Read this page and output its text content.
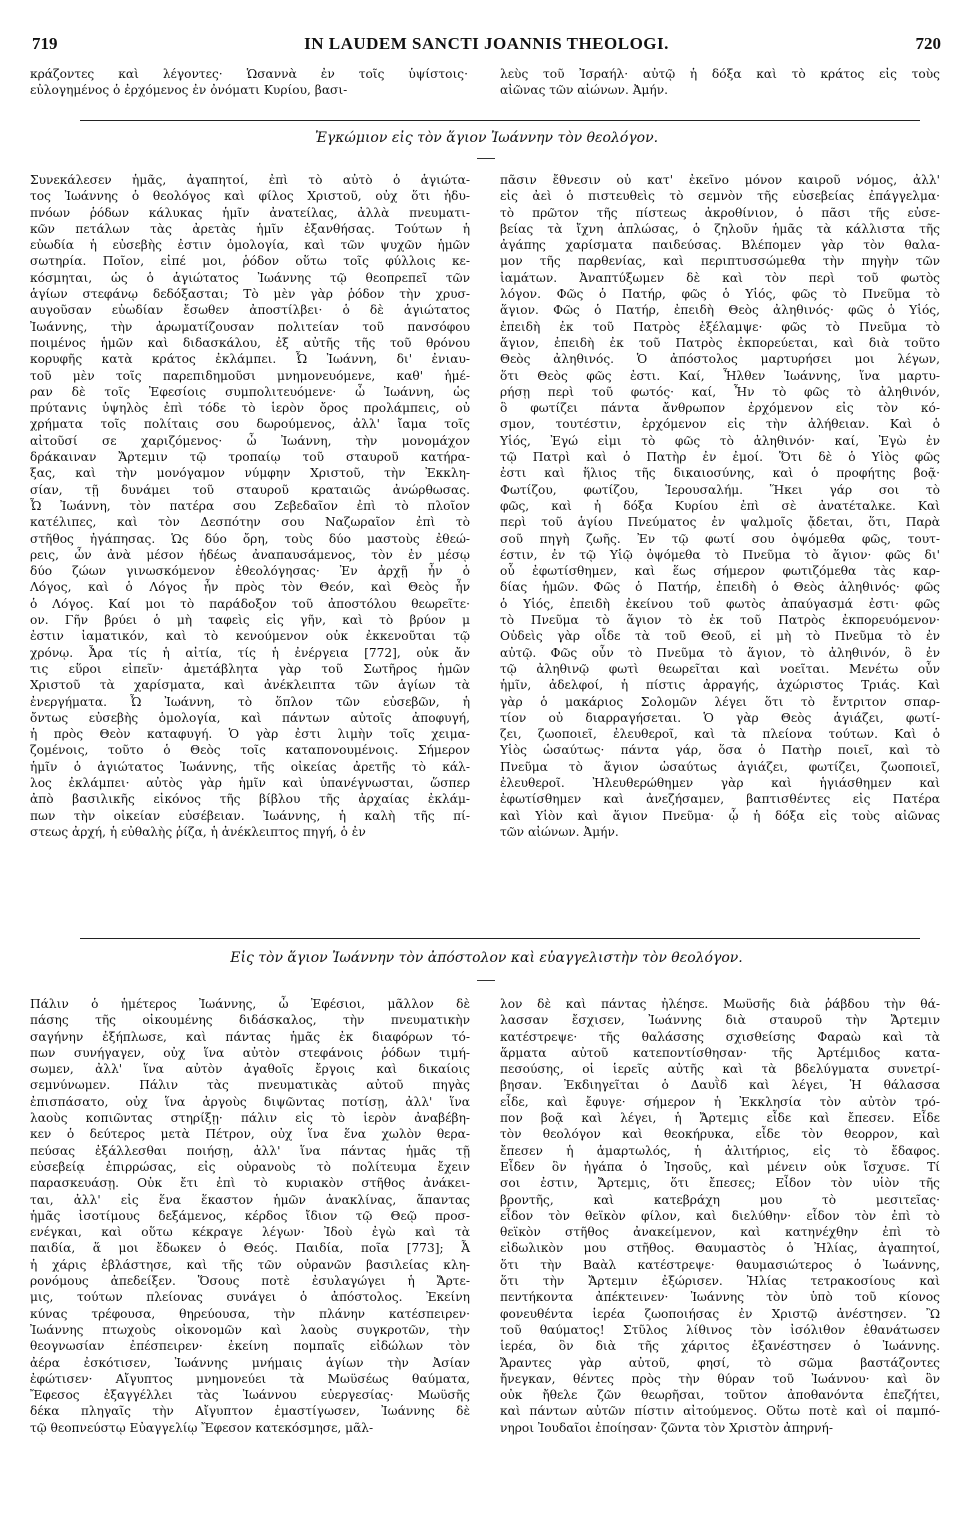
719	IN LAUDEM SANCTI JOANNIS THEOLOGI.	720

κράζοντες καὶ λέγοντες· Ὡσαννὰ ἐν τοῖς ὑψίστοις·

εὐλογημένος ὁ ἐρχόμενος ἐν ὀνόματι Κυρίου, βασι-

λεὺς τοῦ Ἰσραήλ· αὐτῷ ἡ δόξα καὶ τὸ κράτος εἰς τοὺς

αἰῶνας τῶν αἰώνων. Ἀμήν.

Ἐγκώμιον εἰς τὸν ἅγιον Ἰωάννην τὸν θεολόγον.

Συνεκάλεσεν ἡμᾶς, ἀγαπητοί, ἐπὶ τὸ αὐτὸ ὁ ἁγιώτα-

τος Ἰωάννης ὁ θεολόγος καὶ φίλος Χριστοῦ, οὐχ ὅτι ἡδυ-

πνόων ῥόδων κάλυκας ἡμῖν ἀνατείλας, ἀλλὰ πνευματι-

κῶν πετάλων τὰς ἀρετὰς ἡμῖν ἐξανθήσας. Τούτων ἡ

εὐωδία ἡ εὐσεβὴς ἐστιν ὁμολογία, καὶ τῶν ψυχῶν ἡμῶν

σωτηρία. Ποῖον, εἰπέ μοι, ῥόδον οὕτω τοῖς φύλλοις κε-

κόσμηται, ὡς ὁ ἁγιώτατος Ἰωάννης τῷ θεοπρεπεῖ τῶν

ἁγίων στεφάνῳ δεδόξασται; Τὸ μὲν γὰρ ῥόδον τὴν χρυσ-

αυγοῦσαν εὐωδίαν ἔσωθεν ἀποστίλβει· ὁ δὲ ἁγιώτατος

Ἰωάννης, τὴν ἀρωματίζουσαν πολιτείαν τοῦ πανσόφου

ποιμένος ἡμῶν καὶ διδασκάλου, ἐξ αὐτῆς τῆς τοῦ θρόνου

κορυφῆς κατὰ κράτος ἐκλάμπει. Ὦ Ἰωάννη, δι' ἐνιαυ-

τοῦ μὲν τοῖς παρεπιδημοῦσι μνημονευόμενε, καθ' ἡμέ-

ραν δὲ τοῖς Ἐφεσίοις συμπολιτευόμενε· ὦ Ἰωάννη, ὡς

πρύτανις ὑψηλὸς ἐπὶ τόδε τὸ ἱερὸν ὄρος προλάμπεις, οὐ

χρήματα τοῖς πολίταις σου δωρούμενος, ἀλλ' ἴαμα τοῖς

αἰτοῦσί σε χαριζόμενος· ὦ Ἰωάννη, τὴν μονομάχον

δράκαιναν Ἄρτεμιν τῷ τροπαίῳ τοῦ σταυροῦ κατήρα-

ξας, καὶ τὴν μονόγαμον νύμφην Χριστοῦ, τὴν Ἐκκλη-

σίαν, τῇ δυνάμει τοῦ σταυροῦ κραταιῶς ἀνώρθωσας.

Ὦ Ἰωάννη, τὸν πατέρα σου Ζεβεδαῖον ἐπὶ τὸ πλοῖον

κατέλιπες, καὶ τὸν Δεσπότην σου Ναζωραῖον ἐπὶ τὸ

στῆθος ἠγάπησας. Ὡς δύο ὄρη, τοὺς δύο μαστοὺς ἐθεώ-

ρεις, ὧν ἀνὰ μέσον ἡδέως ἀναπαυσάμενος, τὸν ἐν μέσῳ

δύο ζώων γινωσκόμενον ἐθεολόγησας· Ἐν ἀρχῇ ἦν ὁ

Λόγος, καὶ ὁ Λόγος ἦν πρὸς τὸν Θεόν, καὶ Θεὸς ἦν

ὁ Λόγος. Καί μοι τὸ παράδοξον τοῦ ἀποστόλου θεωρεῖτε·

ον. Γῆν βρύει ὁ μὴ ταφεὶς εἰς γῆν, καὶ τὸ βρύον μ

ἐστιν ἰαματικόν, καὶ τὸ κενούμενον οὐκ ἐκκενοῦται τῷ

χρόνῳ. Ἆρα τίς ἡ αἰτία, τίς ἡ ἐνέργεια [772], οὐκ ἄν

τις εὕροι εἰπεῖν· ἀμετάβλητα γὰρ τοῦ Σωτῆρος ἡμῶν

Χριστοῦ τὰ χαρίσματα, καὶ ἀνέκλειπτα τῶν ἁγίων τὰ

ἐνεργήματα. Ὦ Ἰωάννη, τὸ ὅπλον τῶν εὐσεβῶν, ἡ

ὄντως εὐσεβὴς ὁμολογία, καὶ πάντων αὐτοῖς ἀποφυγή,

ἡ πρὸς Θεὸν καταφυγή. Ὁ γὰρ ἐστι λιμὴν τοῖς χειμα-

ζομένοις, τοῦτο ὁ Θεὸς τοῖς καταπονουμένοις. Σήμερον

ἡμῖν ὁ ἁγιώτατος Ἰωάννης, τῆς οἰκείας ἀρετῆς τὸ κάλ-

λος ἐκλάμπει· αὐτὸς γὰρ ἡμῖν καὶ ὑπανέγνωσται, ὥσπερ

ἀπὸ βασιλικῆς εἰκόνος τῆς βίβλου τῆς ἀρχαίας ἐκλάμ-

πων τὴν οἰκείαν εὐσέβειαν. Ἰωάννης, ἡ καλὴ τῆς πί-

στεως ἀρχή, ἡ εὐθαλὴς ῥίζα, ἡ ἀνέκλειπτος πηγή, ὁ ἐν

πᾶσιν ἔθνεσιν οὐ κατ' ἐκεῖνο μόνον καιροῦ νόμος, ἀλλ'

εἰς ἀεὶ ὁ πιστευθεὶς τὸ σεμνὸν τῆς εὐσεβείας ἐπάγγελμα·

τὸ πρῶτον τῆς πίστεως ἀκροθίνιον, ὁ πᾶσι τῆς εὐσε-

βείας τὰ ἴχνη ἁπλώσας, ὁ ζηλοῦν ἡμᾶς τὰ κάλλιστα τῆς

ἀγάπης χαρίσματα παιδεύσας. Βλέπομεν γὰρ τὸν θαλα-

μον τῆς παρθενίας, καὶ περιπτυσσώμεθα τὴν πηγὴν τῶν

ἰαμάτων. Ἀναπτύξωμεν δὲ καὶ τὸν περὶ τοῦ φωτὸς

λόγον. Φῶς ὁ Πατήρ, φῶς ὁ Υἱός, φῶς τὸ Πνεῦμα τὸ

ἅγιον. Φῶς ὁ Πατήρ, ἐπειδὴ Θεὸς ἀληθινός· φῶς ὁ Υἱός,

ἐπειδὴ ἐκ τοῦ Πατρὸς ἐξέλαμψε· φῶς τὸ Πνεῦμα τὸ

ἅγιον, ἐπειδὴ ἐκ τοῦ Πατρὸς ἐκπορεύεται, καὶ διὰ τοῦτο

Θεὸς ἀληθινός. Ὁ ἀπόστολος μαρτυρήσει μοι λέγων,

ὅτι Θεὸς φῶς ἐστι. Καί, Ἦλθεν Ἰωάννης, ἵνα μαρτυ-

ρήσῃ περὶ τοῦ φωτός· καί, Ἦν τὸ φῶς τὸ ἀληθινόν,

ὃ φωτίζει πάντα ἄνθρωπον ἐρχόμενον εἰς τὸν κό-

σμον, τουτέστιν, ἐρχόμενον εἰς τὴν ἀλήθειαν. Καὶ ὁ

Υἱός, Ἐγώ εἰμι τὸ φῶς τὸ ἀληθινόν· καί, Ἐγὼ ἐν

τῷ Πατρὶ καὶ ὁ Πατὴρ ἐν ἐμοί. Ὅτι δὲ ὁ Υἱὸς φῶς

ἐστι καὶ ἥλιος τῆς δικαιοσύνης, καὶ ὁ προφήτης βοᾷ·

Φωτίζου, φωτίζου, Ἱερουσαλήμ. Ἥκει γάρ σοι τὸ

φῶς, καὶ ἡ δόξα Κυρίου ἐπὶ σὲ ἀνατέταλκε. Καὶ

περὶ τοῦ ἁγίου Πνεύματος ἐν ψαλμοῖς ᾄδεται, ὅτι, Παρὰ

σοῦ πηγὴ ζωῆς. Ἐν τῷ φωτί σου ὀψόμεθα φῶς, τουτ-

έστιν, ἐν τῷ Υἱῷ ὀψόμεθα τὸ Πνεῦμα τὸ ἅγιον· φῶς δι'

οὗ ἐφωτίσθημεν, καὶ ἕως σήμερον φωτιζόμεθα τὰς καρ-

δίας ἡμῶν. Φῶς ὁ Πατήρ, ἐπειδὴ ὁ Θεὸς ἀληθινός· φῶς

ὁ Υἱός, ἐπειδὴ ἐκείνου τοῦ φωτὸς ἀπαύγασμά ἐστι· φῶς

τὸ Πνεῦμα τὸ ἅγιον τὸ ἐκ τοῦ Πατρὸς ἐκπορευόμενον·

Οὐδεὶς γὰρ οἶδε τὰ τοῦ Θεοῦ, εἰ μὴ τὸ Πνεῦμα τὸ ἐν

αὐτῷ. Φῶς οὖν τὸ Πνεῦμα τὸ ἅγιον, τὸ ἀληθινόν, ὃ ἐν

τῷ ἀληθινῷ φωτὶ θεωρεῖται καὶ νοεῖται. Μενέτω οὖν

ἡμῖν, ἀδελφοί, ἡ πίστις ἀρραγής, ἀχώριστος Τριάς. Καὶ

γὰρ ὁ μακάριος Σολομῶν λέγει ὅτι τὸ ἔντριτον σπαρ-

τίον οὐ διαρραγήσεται. Ὁ γὰρ Θεὸς ἁγιάζει, φωτί-

ζει, ζωοποιεῖ, ἐλευθεροῖ, καὶ τὰ πλείονα τούτων. Καὶ ὁ

Υἱὸς ὡσαύτως· πάντα γάρ, ὅσα ὁ Πατὴρ ποιεῖ, καὶ τὸ

Πνεῦμα τὸ ἅγιον ὡσαύτως ἁγιάζει, φωτίζει, ζωοποιεῖ,

ἐλευθεροῖ. Ἠλευθερώθημεν γὰρ καὶ ἡγιάσθημεν καὶ

ἐφωτίσθημεν καὶ ἀνεζήσαμεν, βαπτισθέντες εἰς Πατέρα

καὶ Υἱὸν καὶ ἅγιον Πνεῦμα· ᾧ ἡ δόξα εἰς τοὺς αἰῶνας

τῶν αἰώνων. Ἀμήν.

Εἰς τὸν ἅγιον Ἰωάννην τὸν ἀπόστολον καὶ εὐαγγελιστὴν τὸν θεολόγον.

Πάλιν ὁ ἡμέτερος Ἰωάννης, ὦ Ἐφέσιοι, μᾶλλον δὲ

πάσης τῆς οἰκουμένης διδάσκαλος, τὴν πνευματικὴν

σαγήνην ἐξήπλωσε, καὶ πάντας ἡμᾶς ἐκ διαφόρων τό-

πων συνήγαγεν, οὐχ ἵνα αὐτὸν στεφάνοις ῥόδων τιμή-

σωμεν, ἀλλ' ἵνα αὐτὸν ἀγαθοῖς ἔργοις καὶ δικαίοις

σεμνύνωμεν. Πάλιν τὰς πνευματικὰς αὐτοῦ πηγὰς

ἐπισπάσατο, οὐχ ἵνα ἀργοὺς διψῶντας ποτίσῃ, ἀλλ' ἵνα

λαοὺς κοπιῶντας στηρίξῃ· πάλιν εἰς τὸ ἱερὸν ἀναβέβη-

κεν ὁ δεύτερος μετὰ Πέτρον, οὐχ ἵνα ἕνα χωλὸν θερα-

πεύσας ἐξάλλεσθαι ποιήσῃ, ἀλλ' ἵνα πάντας ἡμᾶς τῇ

εὐσεβείᾳ ἐπιρρώσας, εἰς οὐρανοὺς τὸ πολίτευμα ἔχειν

παρασκευάσῃ. Οὐκ ἔτι ἐπὶ τὸ κυριακὸν στῆθος ἀνάκει-

ται, ἀλλ' εἰς ἕνα ἕκαστον ἡμῶν ἀνακλίνας, ἅπαντας

ἡμᾶς ἰσοτίμους δεξάμενος, κέρδος ἴδιον τῷ Θεῷ προσ-

ενέγκαι, καὶ οὕτω κέκραγε λέγων· Ἰδοὺ ἐγὼ καὶ τὰ

παιδία, ἅ μοι ἔδωκεν ὁ Θεός. Παιδία, ποῖα [773]; Ἆ

ἡ χάρις ἐβλάστησε, καὶ τῆς τῶν οὐρανῶν βασιλείας κλη-

ρονόμους ἀπεδείξεν. Ὅσους ποτὲ ἐσυλαγώγει ἡ Ἄρτε-

μις, τούτων πλείονας συνάγει ὁ ἀπόστολος. Ἐκείνη

κύνας τρέφουσα, θηρεύουσα, τὴν πλάνην κατέσπειρεν·

Ἰωάννης πτωχοὺς οἰκονομῶν καὶ λαοὺς συγκροτῶν, τὴν

θεογνωσίαν ἐπέσπειρεν· ἐκείνη πομπαῖς εἰδώλων τὸν

ἀέρα ἐσκότισεν, Ἰωάννης μνήμαις ἁγίων τὴν Ἀσίαν

ἐφώτισεν· Αἴγυπτος μνημονεύει τὰ Μωϋσέως θαύματα,

Ἔφεσος ἐξαγγέλλει τὰς Ἰωάννου εὐεργεσίας· Μωϋσῆς

δέκα πληγαῖς τὴν Αἴγυπτον ἐμαστίγωσεν, Ἰωάννης δὲ

τῷ θεοπνεύστῳ Εὐαγγελίῳ Ἔφεσον κατεκόσμησε, μᾶλ-

λον δὲ καὶ πάντας ἠλέησε. Μωϋσῆς διὰ ῥάβδου τὴν θά-

λασσαν ἔσχισεν, Ἰωάννης διὰ σταυροῦ τὴν Ἄρτεμιν

κατέστρεψε· τῆς θαλάσσης σχισθείσης Φαραὼ καὶ τὰ

ἅρματα αὐτοῦ κατεποντίσθησαν· τῆς Ἀρτέμιδος κατα-

πεσούσης, οἱ ἱερεῖς αὐτῆς καὶ τὰ βδελύγματα συνετρί-

βησαν. Ἐκδιηγεῖται ὁ Δαυῒδ καὶ λέγει, Ἡ θάλασσα

εἶδε, καὶ ἔφυγε· σήμερον ἡ Ἐκκλησία τὸν αὐτὸν τρό-

πον βοᾷ καὶ λέγει, ἡ Ἄρτεμις εἶδε καὶ ἔπεσεν. Εἶδε

τὸν θεολόγον καὶ θεοκήρυκα, εἶδε τὸν θεορρον, καὶ

ἔπεσεν ἡ ἁμαρτωλός, ἡ ἀλιτήριος, εἰς τὸ ἔδαφος.

Εἶδεν ὃν ἠγάπα ὁ Ἰησοῦς, καὶ μένειν οὐκ ἴσχυσε. Τί

σοι ἐστιν, Ἄρτεμις, ὅτι ἔπεσες; Εἶδον τὸν υἱὸν τῆς

βροντῆς, καὶ κατεβράχη μου τὸ μεσιτεῖας·

εἶδον τὸν θεϊκὸν φίλον, καὶ διελύθην· εἶδον τὸν ἐπὶ τὸ

θεϊκὸν στῆθος ἀνακείμενον, καὶ κατηνέχθην ἐπὶ τὸ

εἰδωλικὸν μου στῆθος. Θαυμαστὸς ὁ Ἠλίας, ἀγαπητοί,

ὅτι τὴν Βαὰλ κατέστρεψε· θαυμασιώτερος ὁ Ἰωάννης,

ὅτι τὴν Ἄρτεμιν ἐξώρισεν. Ἠλίας τετρακοσίους καὶ

πεντήκοντα ἀπέκτεινεν· Ἰωάννης τὸν ὑπὸ τοῦ κίονος

φονευθέντα ἱερέα ζωοποιήσας ἐν Χριστῷ ἀνέστησεν. Ὢ

τοῦ θαύματος! Στῦλος λίθινος τὸν ἰσόλιθον ἐθανάτωσεν

ἱερέα, ὃν διὰ τῆς χάριτος ἐξανέστησεν ὁ Ἰωάννης.

Ἄραντες γὰρ αὐτοῦ, φησί, τὸ σῶμα βαστάζοντες

ἤνεγκαν, θέντες πρὸς τὴν θύραν τοῦ Ἰωάννου· καὶ ὃν

οὐκ ἤθελε ζῶν θεωρῆσαι, τοῦτον ἀποθανόντα ἐπεζήτει,

καὶ πάντων αὐτῶν πίστιν αἰτούμενος. Οὕτω ποτὲ καὶ οἱ παμπό-

νηροι Ἰουδαῖοι ἐποίησαν· ζῶντα τὸν Χριστὸν ἀπηρνή-
